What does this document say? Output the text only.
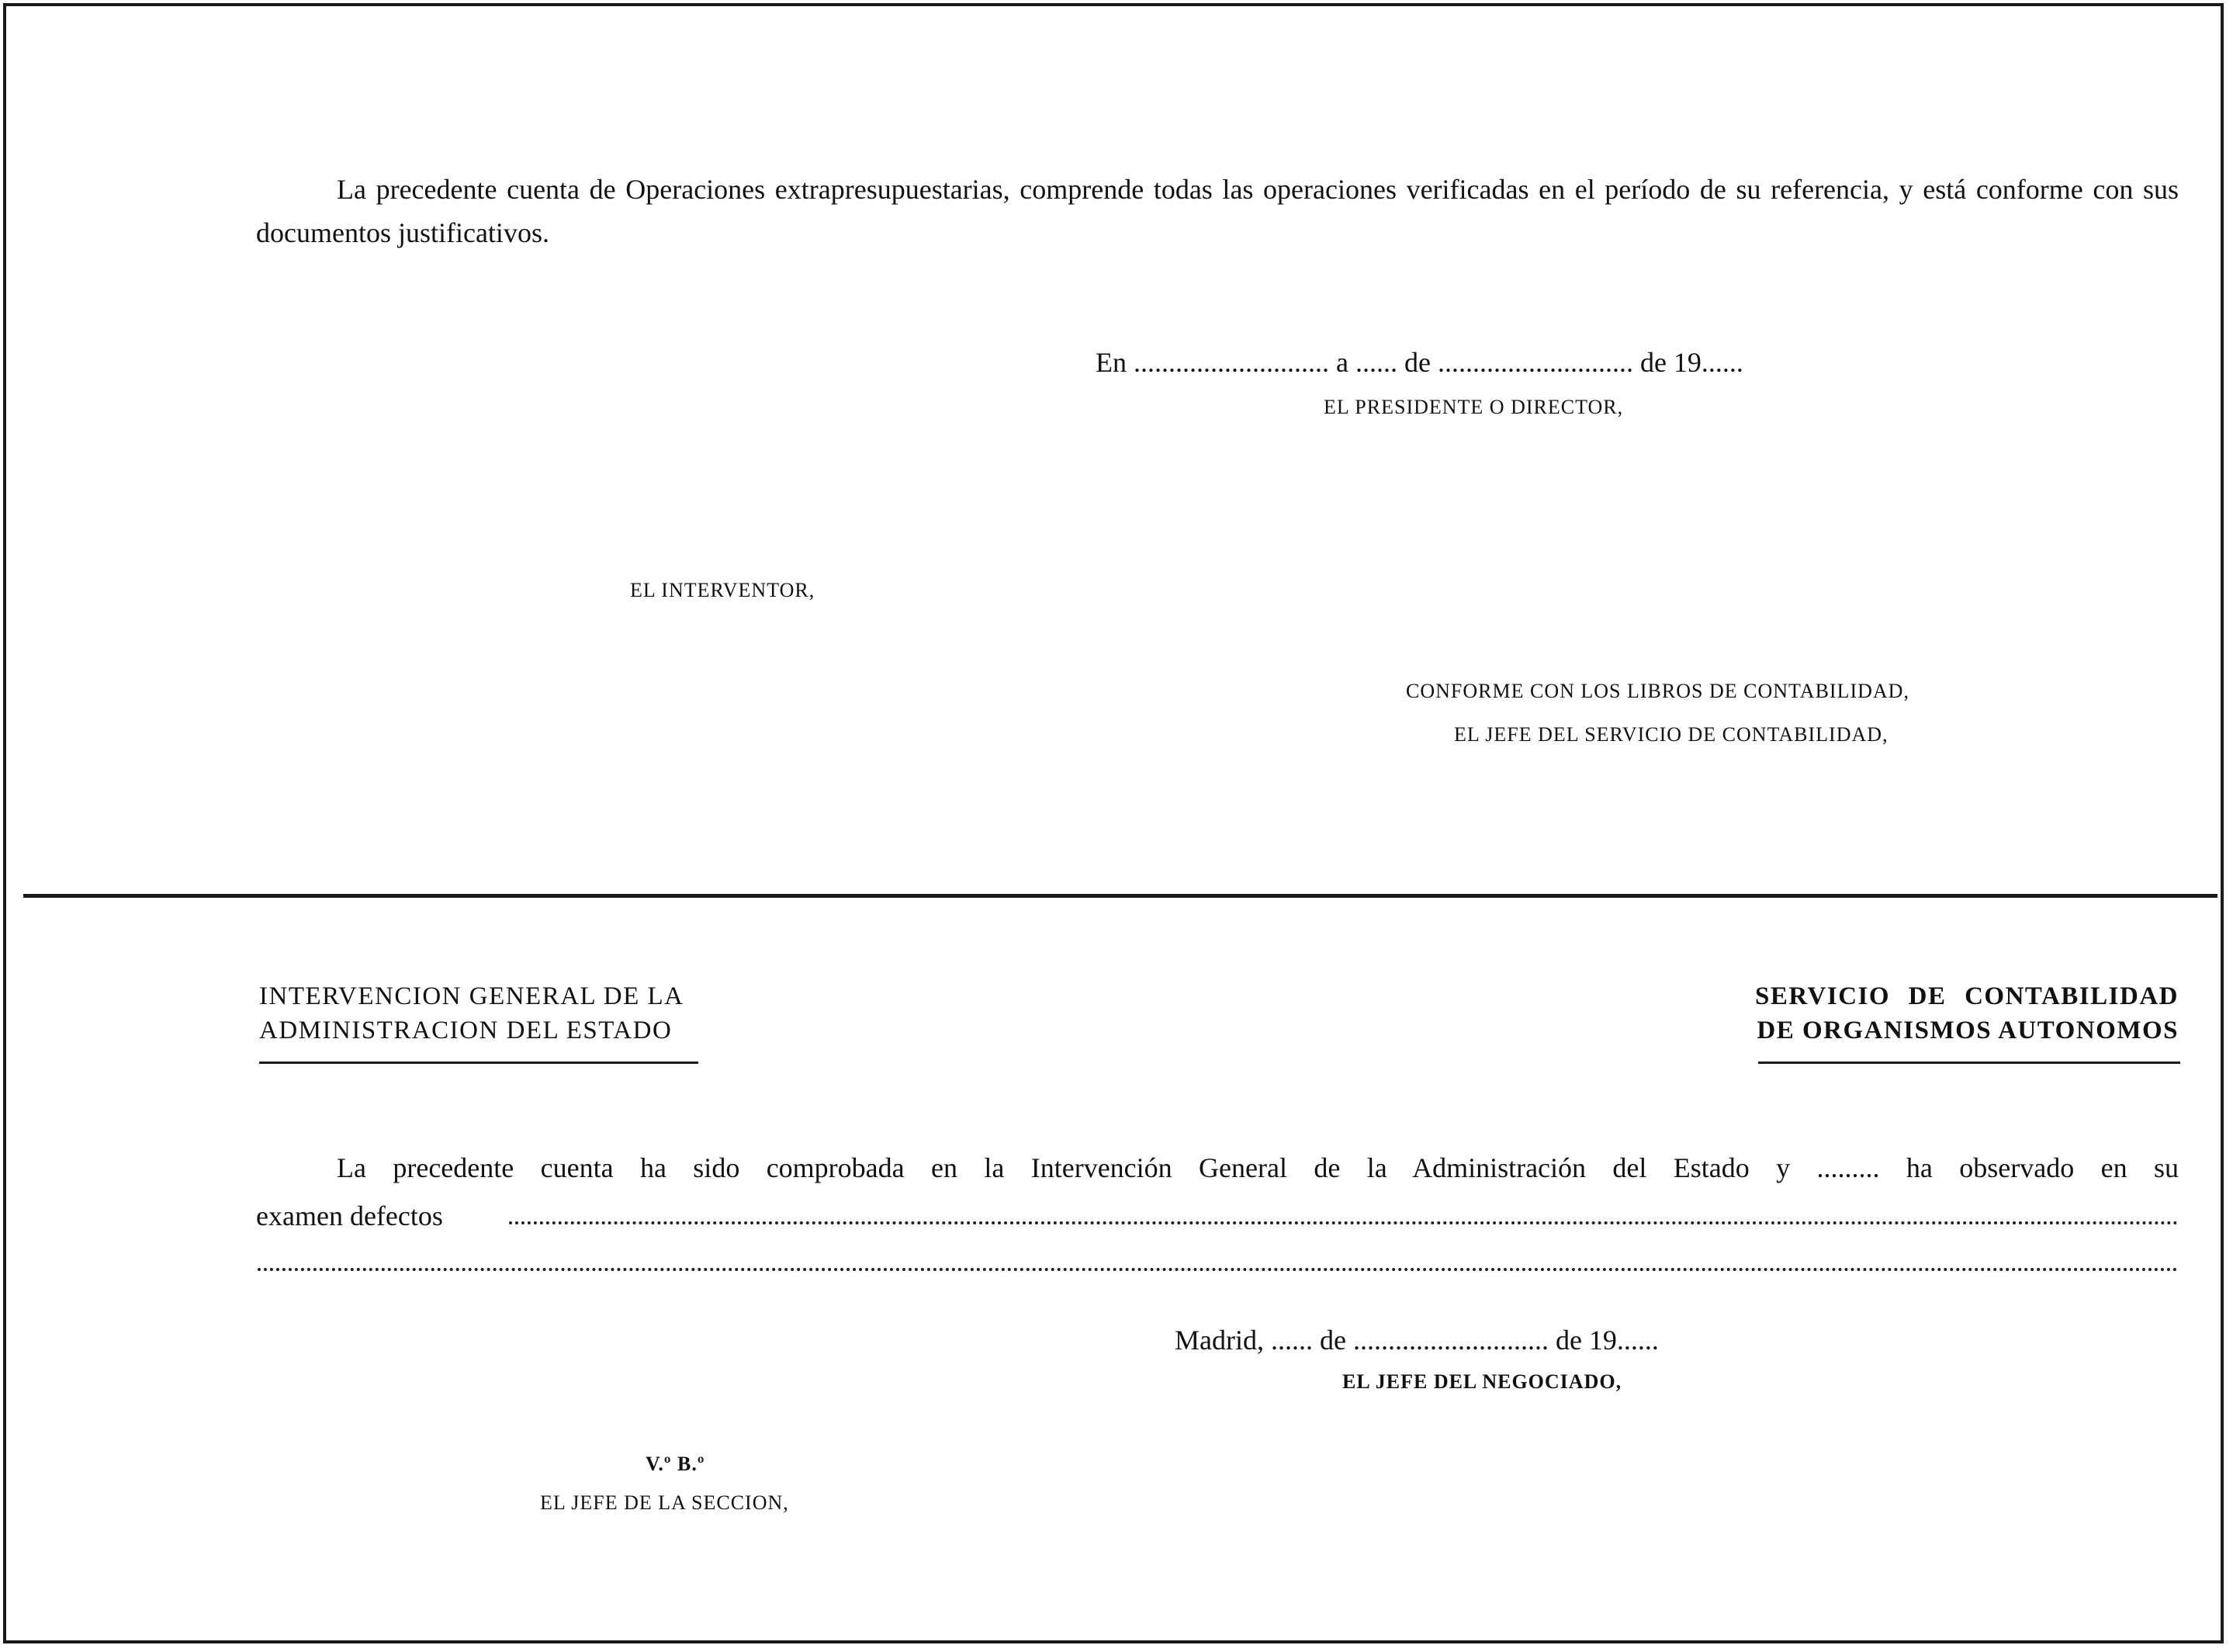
La precedente cuenta de Operaciones extrapresupuestarias, comprende todas las operaciones verificadas en el período de su referencia, y está conforme con sus documentos justificativos.
En ............................ a ...... de ............................ de 19......
EL PRESIDENTE O DIRECTOR,
EL INTERVENTOR,
CONFORME CON LOS LIBROS DE CONTABILIDAD,
EL JEFE DEL SERVICIO DE CONTABILIDAD,
INTERVENCION GENERAL DE LA
ADMINISTRACION DEL ESTADO
SERVICIO DE CONTABILIDAD
DE ORGANISMOS AUTONOMOS
La precedente cuenta ha sido comprobada en la Intervención General de la Administración del Estado y ......... ha observado en su
examen defectos
Madrid, ...... de ............................ de 19......
EL JEFE DEL NEGOCIADO,
V.º B.º
EL JEFE DE LA SECCION,
